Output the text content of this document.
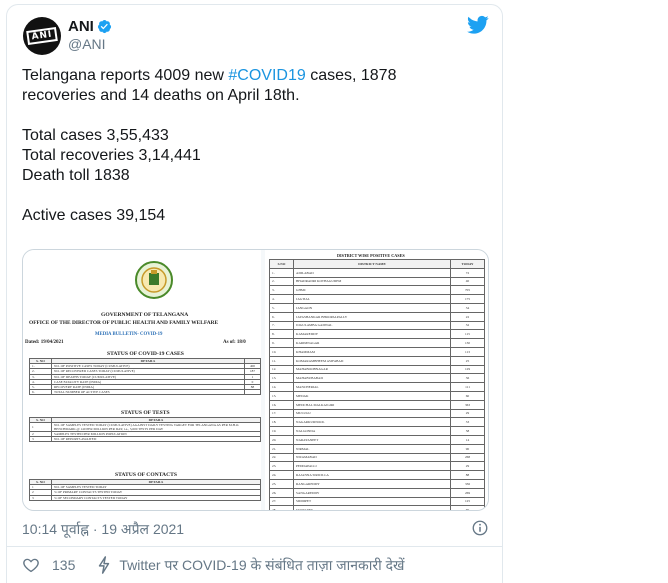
ANI
ANI
@ANI

Telangana reports 4009 new #COVID19 cases, 1878

recoveries and 14 deaths on April 18th.

Total cases 3,55,433

Total recoveries 3,14,441

Death toll 1838

Active cases 39,154

GOVERNMENT OF TELANGANA
OFFICE OF THE DIRECTOR OF PUBLIC HEALTH AND FAMILY WELFARE
MEDIA BULLETIN- COVID-19
Dated: 19/04/2021	As of: 18/0
STATUS OF COVID-19 CASES
S. NO	DETAILS	
1.	NO. OF POSITIVE CASES TODAY (CUMULATIVE)	400
2.	NO. OF RECOVERED CASES TODAY (CUMULATIVE)	187
3.	NO. OF DEATHS TODAY (CUMULATIVE)	1
4.	CASE FATALITY RATE (INDIA)	0
5.	RECOVERY RATE (INDIA)	88
6.	TOTAL NUMBER OF ACTIVE CASES	
STATUS OF TESTS
S. NO	DETAILS
1	NO. OF SAMPLES TESTED TODAY (CUMULATIVE) AGAINST DAILY TESTING TARGET FOR TELANGANA AS PER M.H.O. BENCHMARK @ 140 PER MILLION PER DAY, i.e., 5,600 TESTS PER DAY
2	SAMPLES TESTED PER MILLION POPULATION
3	NO. OF REPORTS AWAITED
STATUS OF CONTACTS
S. NO	DETAILS
1	NO. OF SAMPLES TESTED TODAY
2	% OF PRIMARY CONTACTS TESTED TODAY
3	% OF SECONDARY CONTACTS TESTED TODAY
DISTRICT WISE POSITIVE CASES
S.NO	DISTRICT NAME	TODAY
1.	ADILABAD	72
2.	BHADRADRI KOTHAGUDEM	40
3.	GHMC	705
4.	JAGTIAL	175
5.	JANGAON	34
6.	JAYASHANKAR BHOOPALPALLY	22
7.	JOGULAMBA GADWAL	32
8.	KAMAREDDY	115
9.	KARIMNAGAR	130
10.	KHAMMAM	113
11.	KOMARAMBHEEM ASIFABAD	25
12.	MAHABOOBNAGAR	129
13.	MAHABUBABAD	36
14.	MANCHERIAL	111
15.	MEDAK	60
16.	MEDCHAL MALKAJGIRI	363
17.	MULUGU	29
18.	NAGARKURNOOL	33
19.	NALGONDA	58
20.	NARAYANPET	14
21.	NIRMAL	90
22.	NIZAMABAD	268
23.	PEDDAPALLI	29
24.	RAJANNA SIRICILLA	88
25.	RANGAREDDY	336
26.	SANGAREDDY	269
27.	SIDDIPET	125
28.	SURYAPET	69
10:14 पूर्वाह्न · 19 अप्रैल 2021
135	Twitter पर COVID-19 के संबंधित ताज़ा जानकारी देखें
